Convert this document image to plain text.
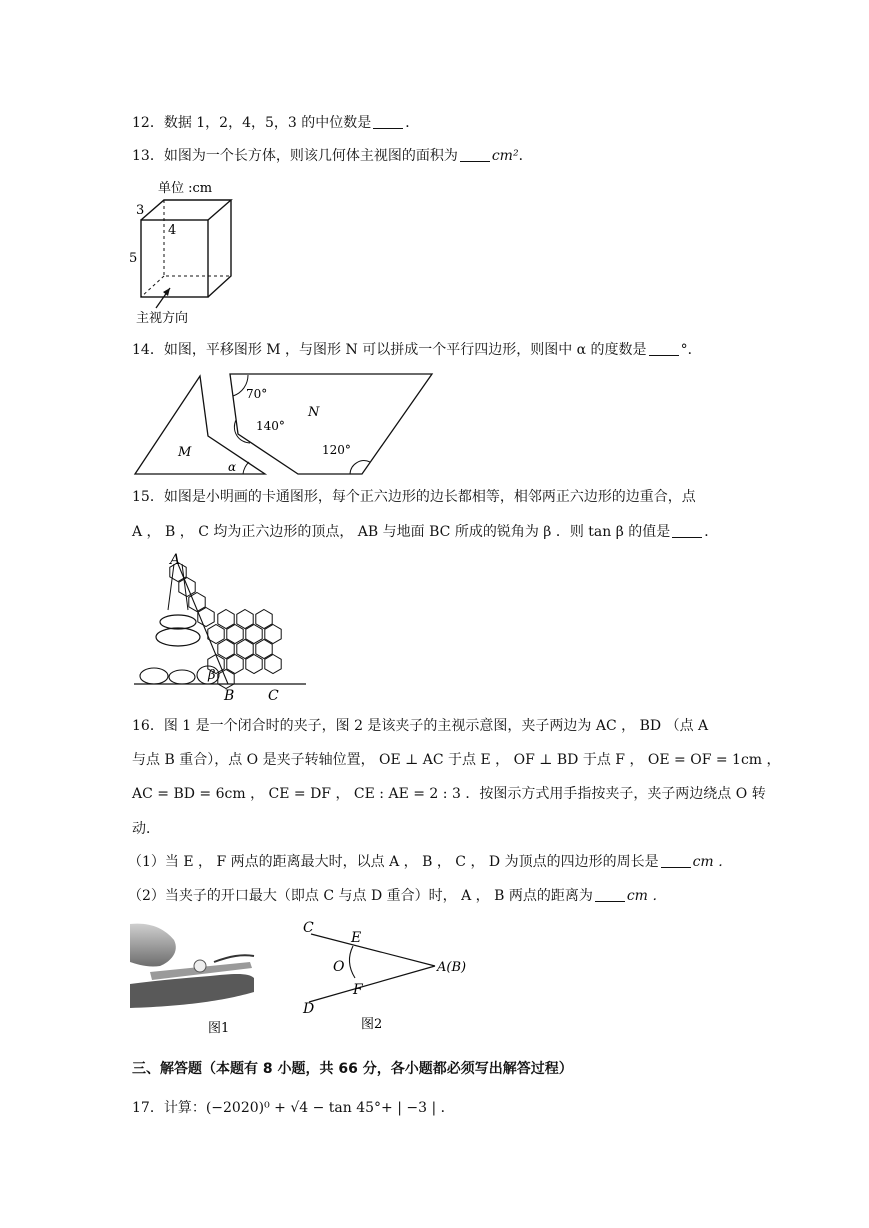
12．数据 1，2，4，5，3 的中位数是 ．
13．如图为一个长方体，则该几何体主视图的面积为 cm²．
单位 :cm
3
4
5
主视方向
14．如图，平移图形 M ，与图形 N 可以拼成一个平行四边形，则图中 α 的度数是 °．
70°
140°
N
120°
M
α
15．如图是小明画的卡通图形，每个正六边形的边长都相等，相邻两正六边形的边重合，点
A ， B ， C 均为正六边形的顶点， AB 与地面 BC 所成的锐角为 β ．则 tan β 的值是 ．
A
B C
β
16．图 1 是一个闭合时的夹子，图 2 是该夹子的主视示意图，夹子两边为 AC ， BD （点 A
与点 B 重合），点 O 是夹子转轴位置， OE ⊥ AC 于点 E ， OF ⊥ BD 于点 F ， OE = OF = 1cm ，
AC = BD = 6cm ， CE = DF ， CE : AE = 2 : 3 ．按图示方式用手指按夹子，夹子两边绕点 O 转
动．
（1）当 E ， F 两点的距离最大时，以点 A ， B ， C ， D 为顶点的四边形的周长是 cm ．
（2）当夹子的开口最大（即点 C 与点 D 重合）时， A ， B 两点的距离为 cm ．
图1
C
E
O	A(B)
F
D
图2
三、解答题（本题有 8 小题，共 66 分，各小题都必须写出解答过程）
17．计算：(−2020)⁰ + √4 − tan 45°+ | −3 | ．
